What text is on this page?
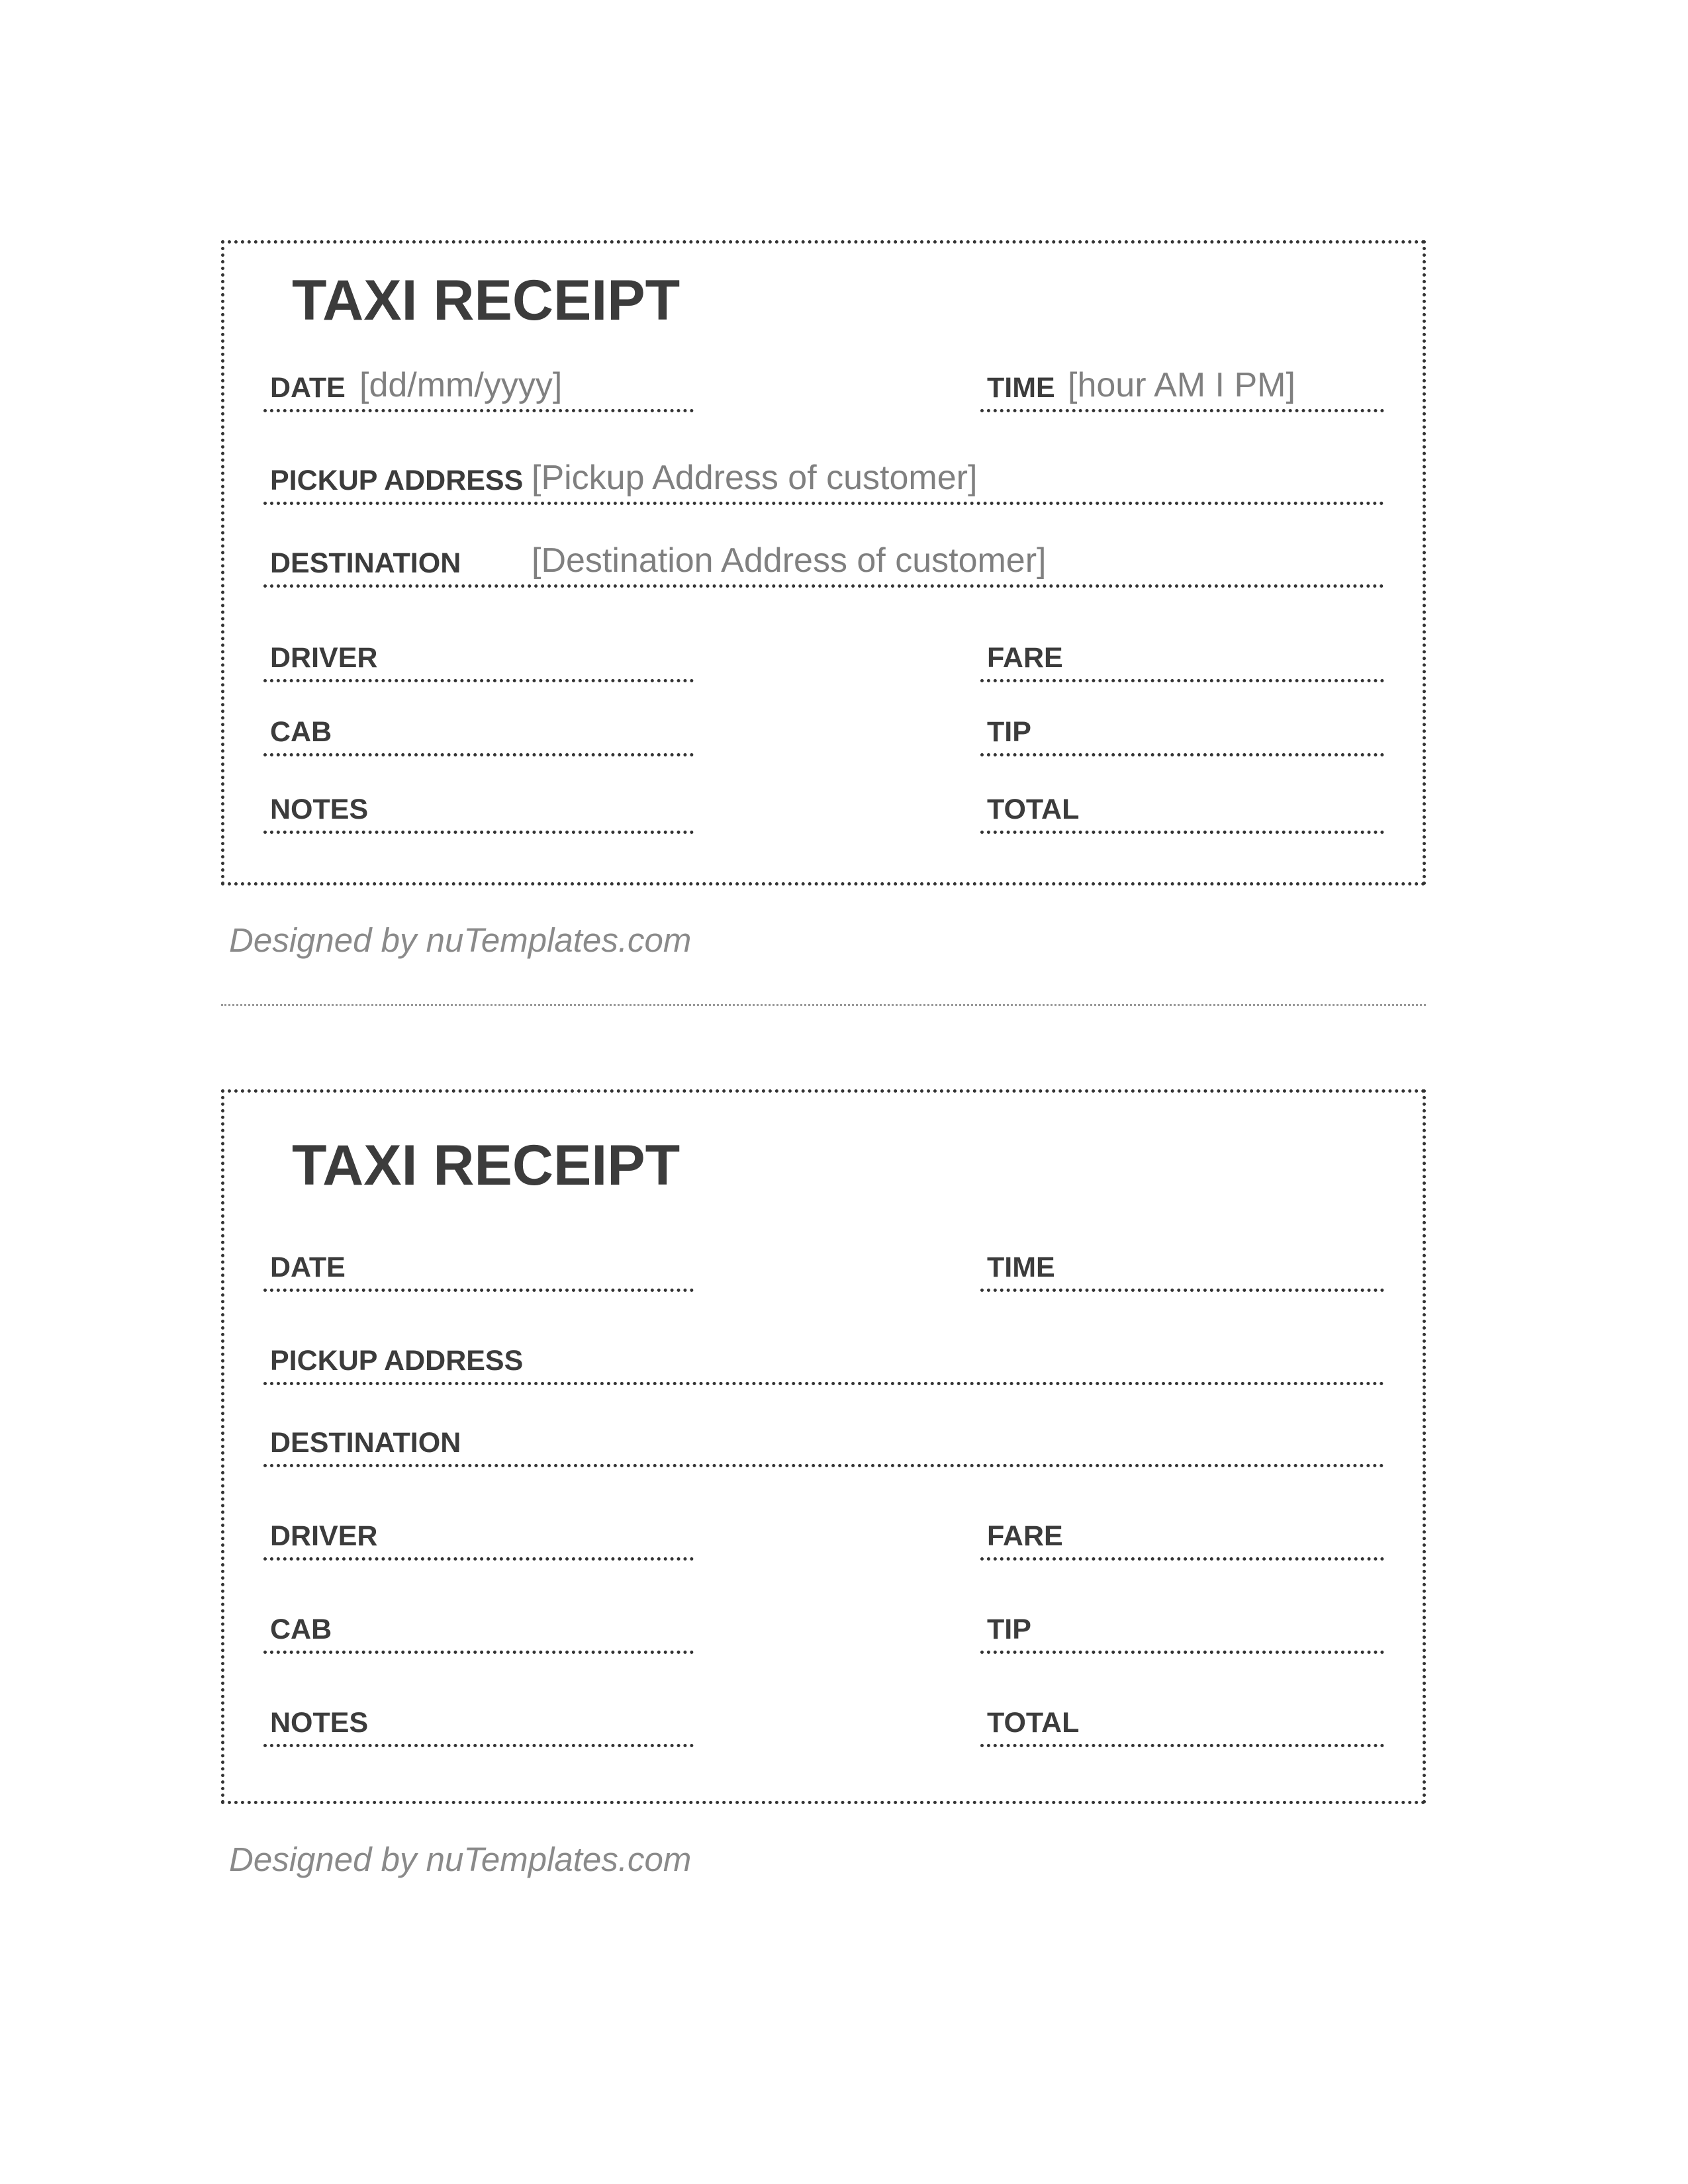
TAXI RECEIPT
DATE [dd/mm/yyyy]	TIME [hour AM I PM]
PICKUP ADDRESS [Pickup Address of customer]
DESTINATION [Destination Address of customer]
DRIVER	FARE
CAB	TIP
NOTES	TOTAL
Designed by nuTemplates.com
TAXI RECEIPT
DATE	TIME
PICKUP ADDRESS
DESTINATION
DRIVER	FARE
CAB	TIP
NOTES	TOTAL
Designed by nuTemplates.com
